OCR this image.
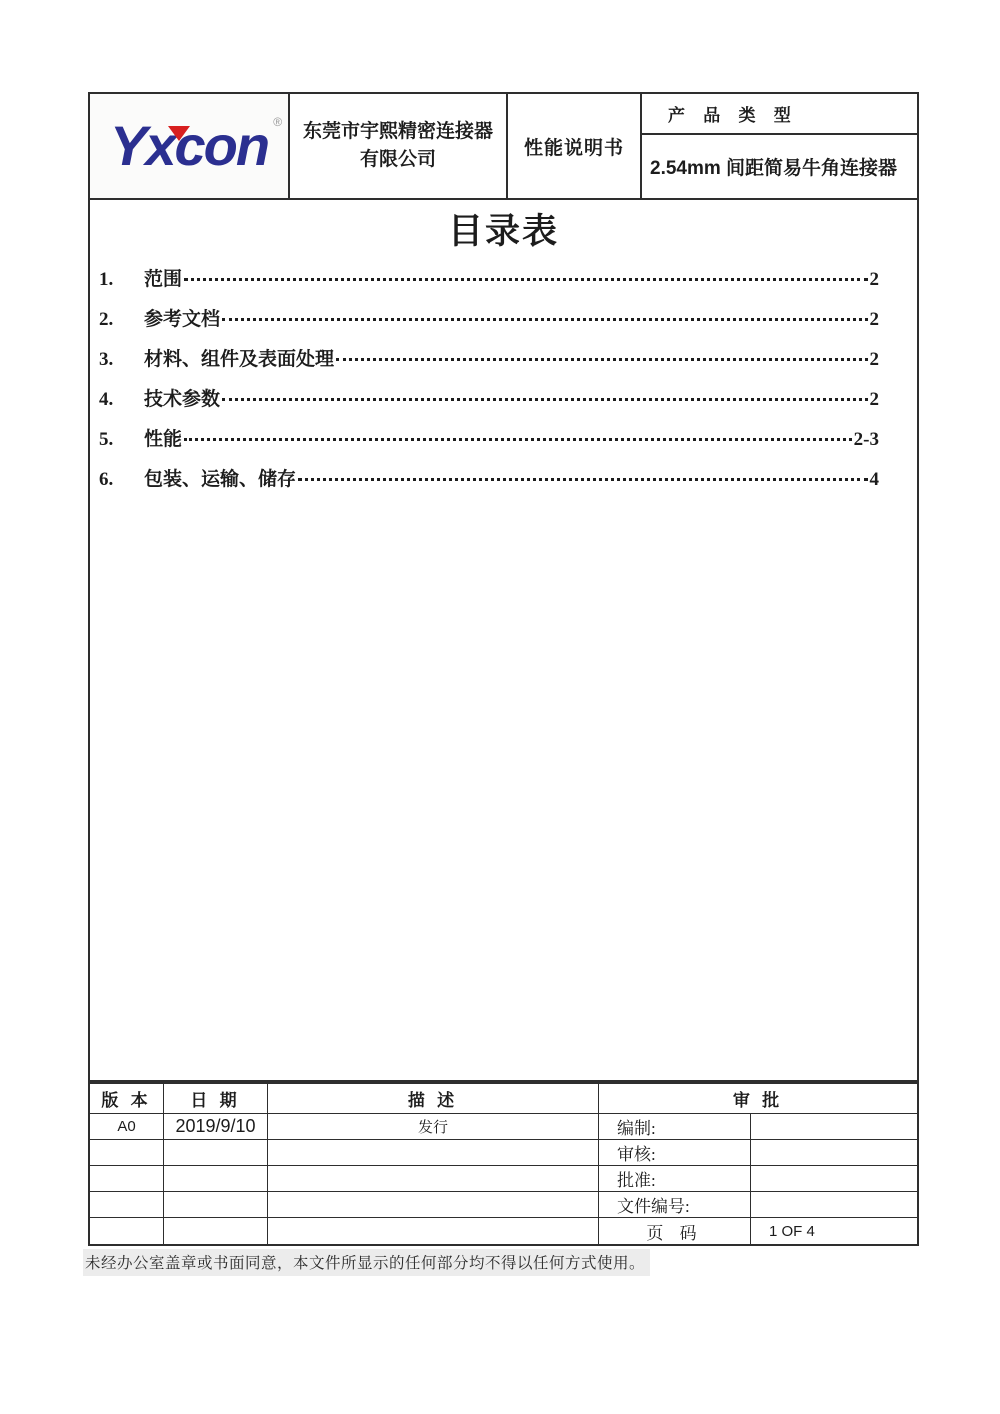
Yxcon ® 东莞市宇熙精密连接器
有限公司
性能说明书
产 品 类 型
2.54mm 间距简易牛角连接器
目录表
1.	范围	2
2.	参考文档	2
3.	材料、组件及表面处理	2
4.	技术参数	2
5.	性能	2-3
6.	包装、运输、储存	4
版 本	日 期	描 述	审 批
A0	2019/9/10	发行	编制:
审核:
批准:
文件编号:
页 码	1 OF 4
未经办公室盖章或书面同意，本文件所显示的任何部分均不得以任何方式使用。
